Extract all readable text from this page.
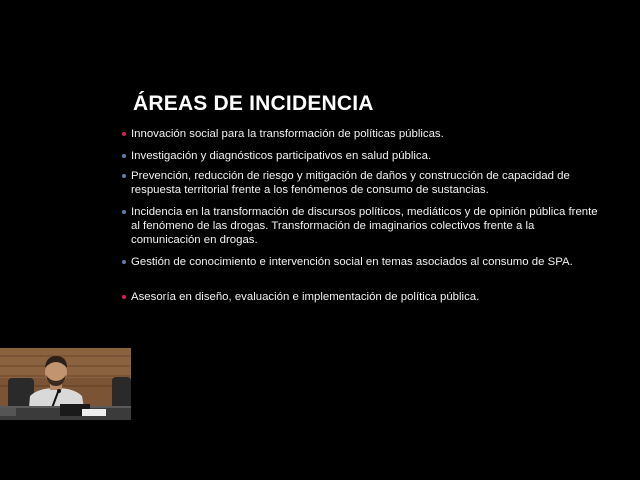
ÁREAS DE INCIDENCIA
Innovación social para la transformación de políticas públicas.
Investigación y diagnósticos participativos en salud pública.
Prevención, reducción de riesgo y mitigación de daños y construcción de capacidad de respuesta territorial frente a los fenómenos de consumo de sustancias.
Incidencia en la transformación de discursos políticos, mediáticos y de opinión pública frente al fenómeno de las drogas. Transformación de imaginarios colectivos frente a la comunicación en drogas.
Gestión de conocimiento e intervención social en temas asociados al consumo de SPA.
Asesoría en diseño, evaluación e implementación de política pública.
